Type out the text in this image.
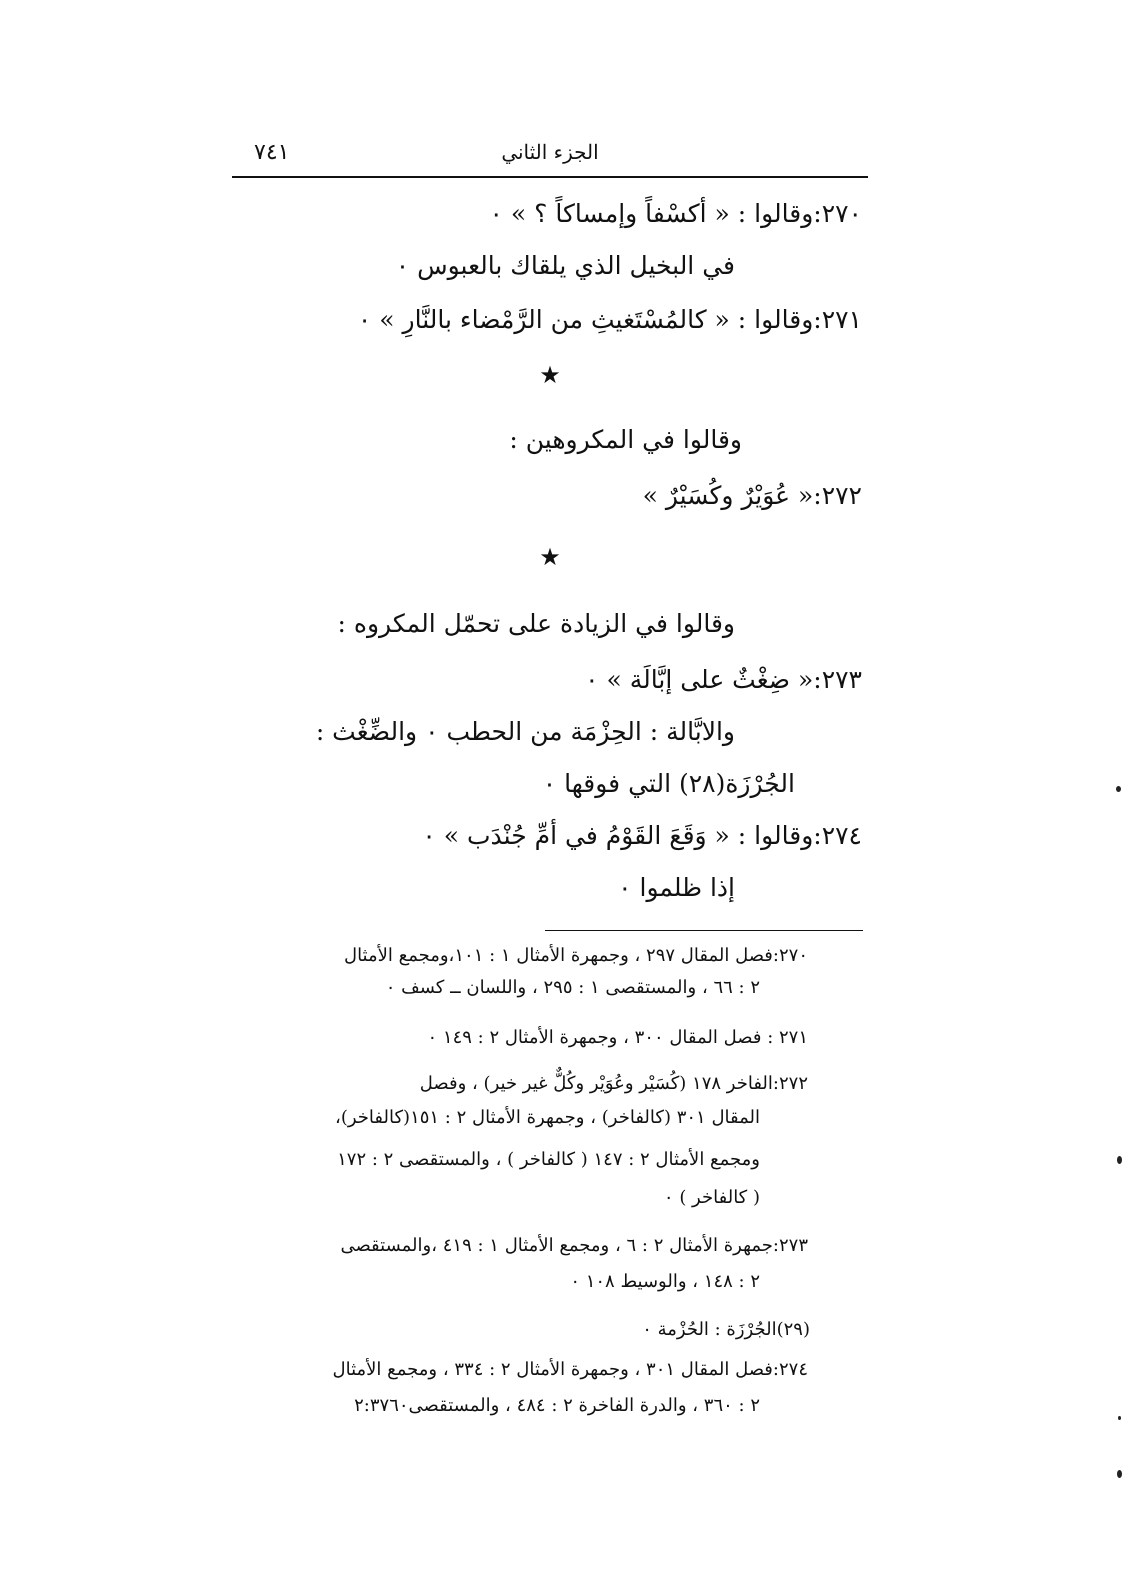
٧٤١	الجزء الثاني
٢٧٠:وقالوا : « أكسْفاً وإمساكاً ؟ » ٠
في البخيل الذي يلقاك بالعبوس ٠
٢٧١:وقالوا : « كالمُسْتَغيثِ من الرَّمْضاء بالنَّارِ » ٠
★
وقالوا في المكروهين :
٢٧٢:« عُوَيْرٌ وكُسَيْرٌ »
★
وقالوا في الزيادة على تحمّل المكروه :
٢٧٣:« ضِغْثٌ على إبَّالَة » ٠
والابَّالة : الحِزْمَة من الحطب ٠ والضِّغْث :
الجُرْزَة(٢٨) التي فوقها ٠
٢٧٤:وقالوا : « وَقَعَ القَوْمُ في أمِّ جُنْدَب » ٠
إذا ظلموا ٠
٢٧٠:فصل المقال ٢٩٧ ، وجمهرة الأمثال ١ : ١٠١،ومجمع الأمثال
٢ : ٦٦ ، والمستقصى ١ : ٢٩٥ ، واللسان ــ كسف ٠
٢٧١ : فصل المقال ٣٠٠ ، وجمهرة الأمثال ٢ : ١٤٩ ٠
٢٧٢:الفاخر ١٧٨ (كُسَيْر وعُوَيْر وكُلٌّ غير خير) ، وفصل
المقال ٣٠١ (كالفاخر) ، وجمهرة الأمثال ٢ : ١٥١(كالفاخر)،
ومجمع الأمثال ٢ : ١٤٧ ( كالفاخر ) ، والمستقصى ٢ : ١٧٢
( كالفاخر ) ٠
٢٧٣:جمهرة الأمثال ٢ : ٦ ، ومجمع الأمثال ١ : ٤١٩ ،والمستقصى
٢ : ١٤٨ ، والوسيط ١٠٨ ٠
(٢٩)الجُرْزَة : الحُزْمة ٠
٢٧٤:فصل المقال ٣٠١ ، وجمهرة الأمثال ٢ : ٣٣٤ ، ومجمع الأمثال
٢ : ٣٦٠ ، والدرة الفاخرة ٢ : ٤٨٤ ، والمستقصى٢:٣٧٦٠
